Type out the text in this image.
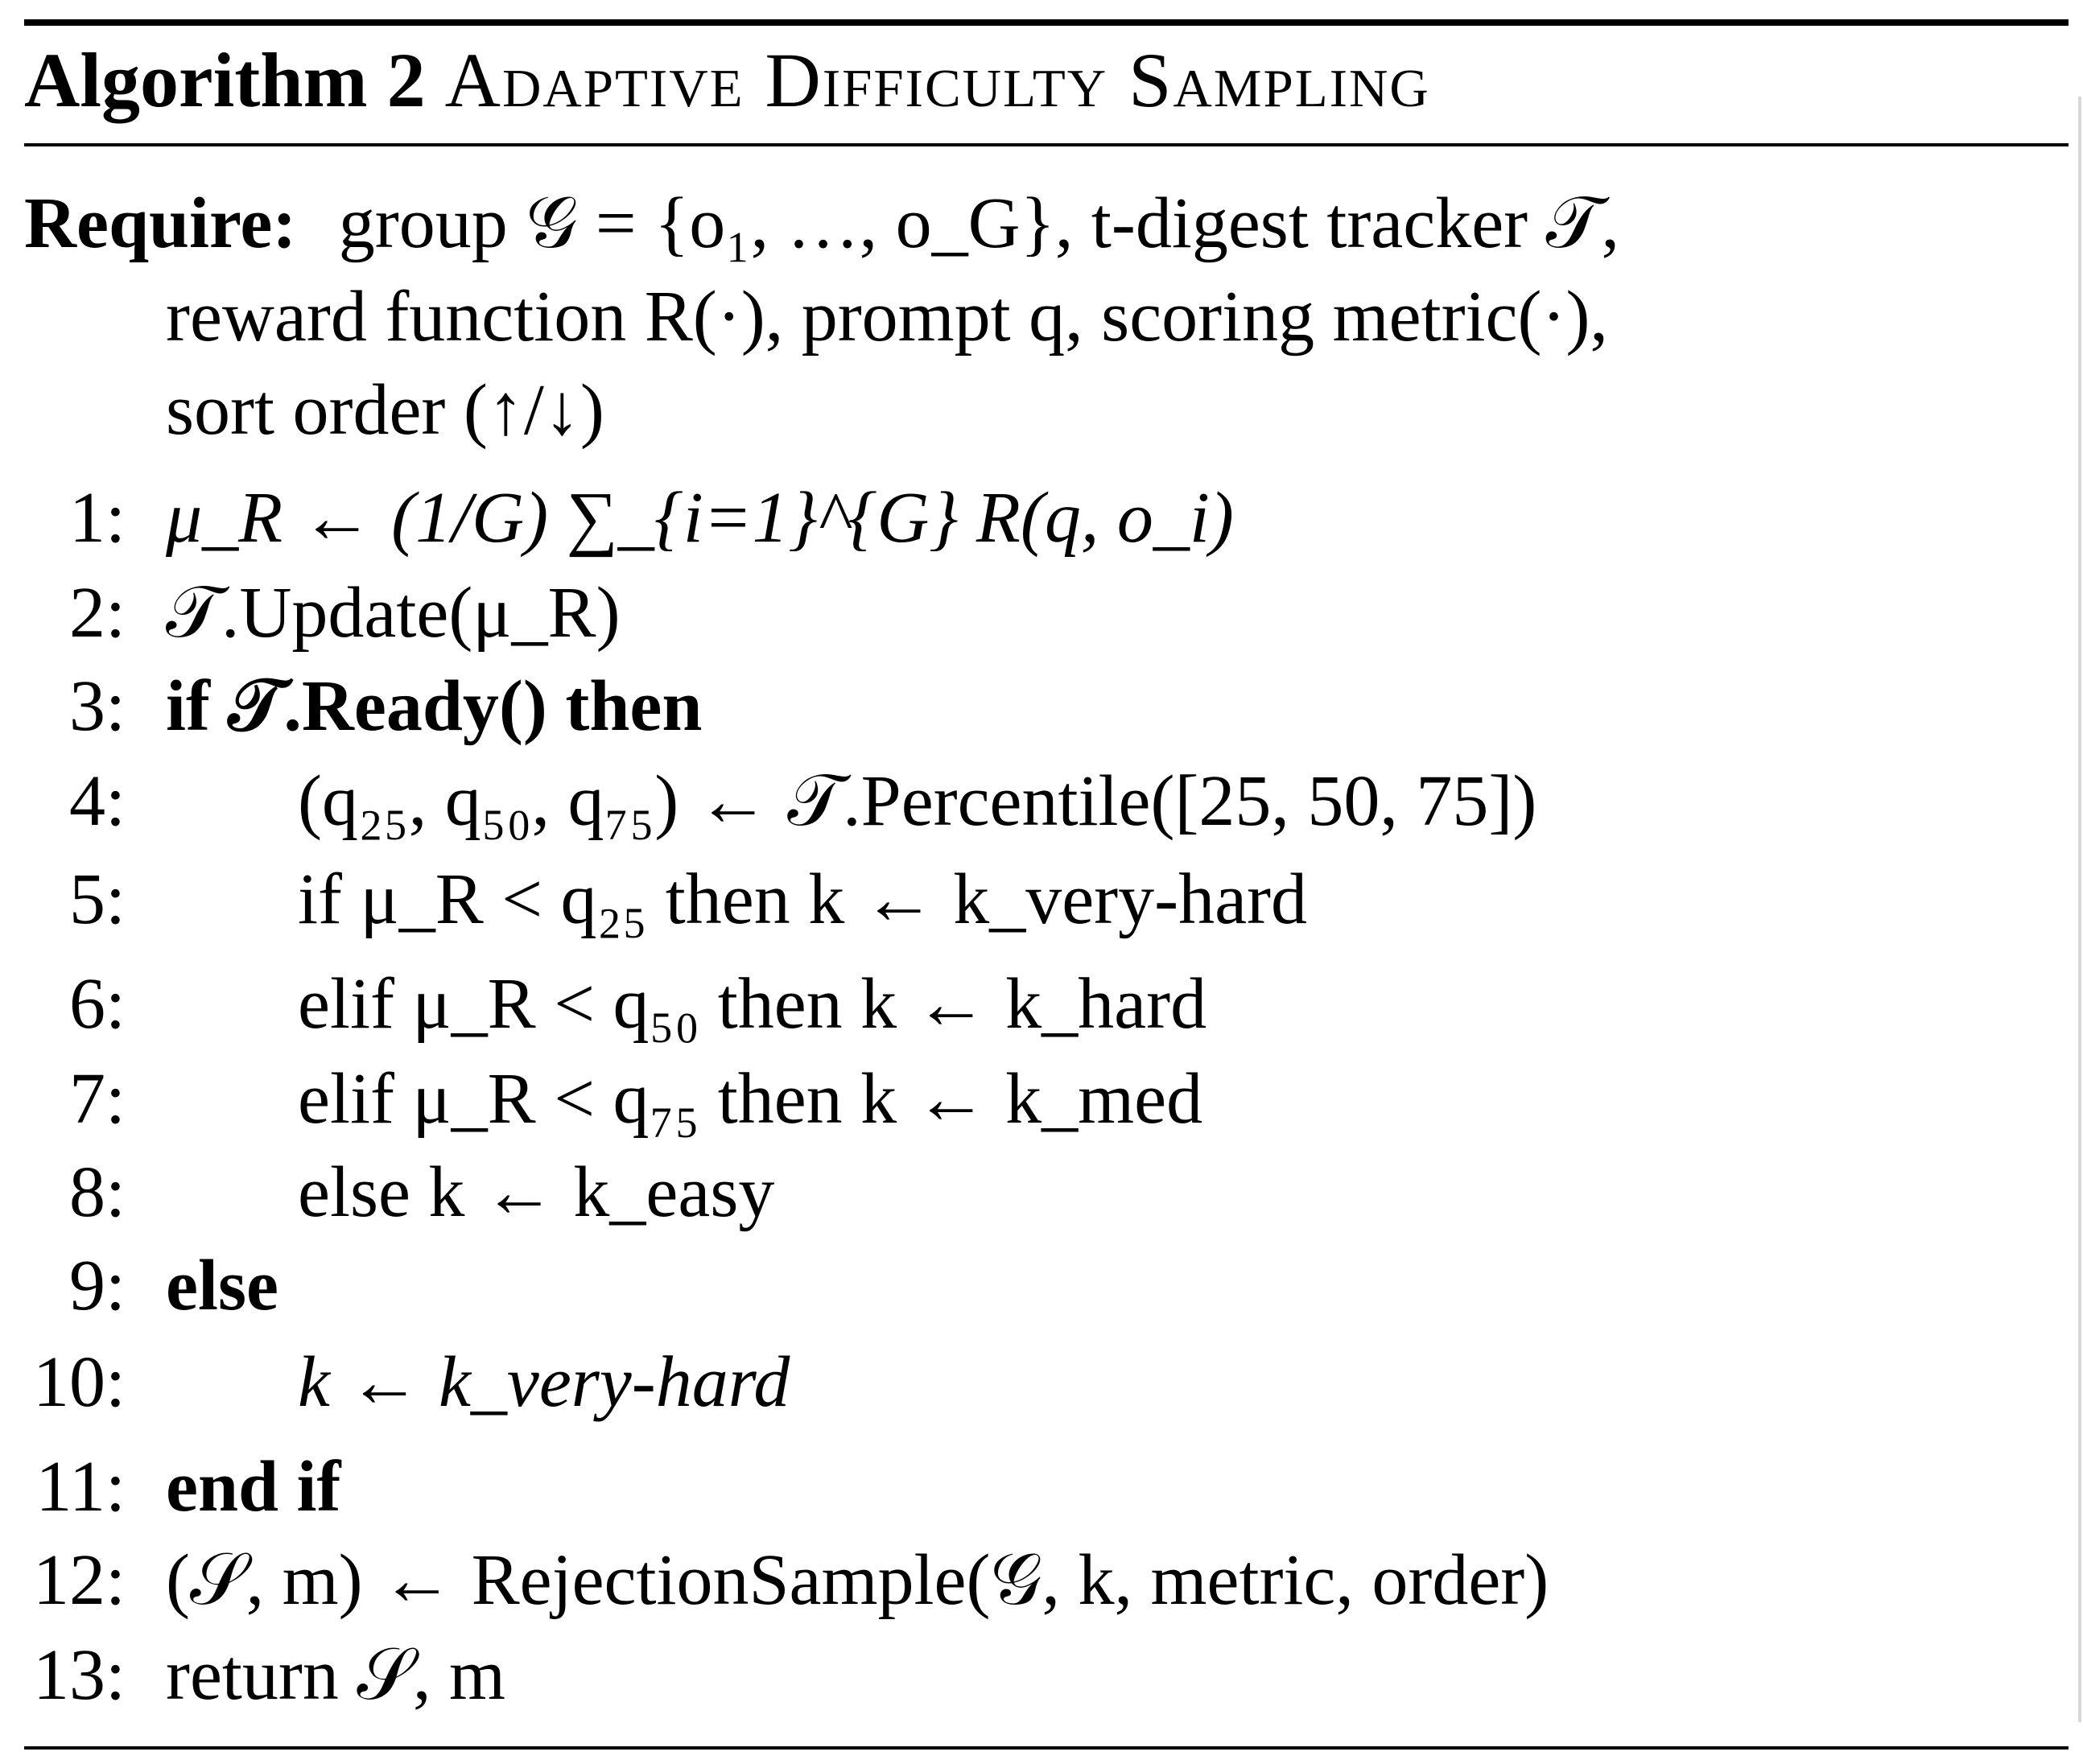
Algorithm 2 Adaptive Difficulty Sampling
Require: group 𝒢 = {o₁, …, o_G}, t-digest tracker 𝒯,
reward function R(·), prompt q, scoring metric(·),
sort order (↑/↓)
1: μ_R ← (1/G) ∑_{i=1}^{G} R(q, o_i)
2: 𝒯.Update(μ_R)
3: if 𝒯.Ready() then
4: (q₂₅, q₅₀, q₇₅) ← 𝒯.Percentile([25, 50, 75])
5: if μ_R < q₂₅ then k ← k_very-hard
6: elif μ_R < q₅₀ then k ← k_hard
7: elif μ_R < q₇₅ then k ← k_med
8: else k ← k_easy
9: else
10: k ← k_very-hard
11: end if
12: (𝒮, m) ← RejectionSample(𝒢, k, metric, order)
13: return 𝒮, m
